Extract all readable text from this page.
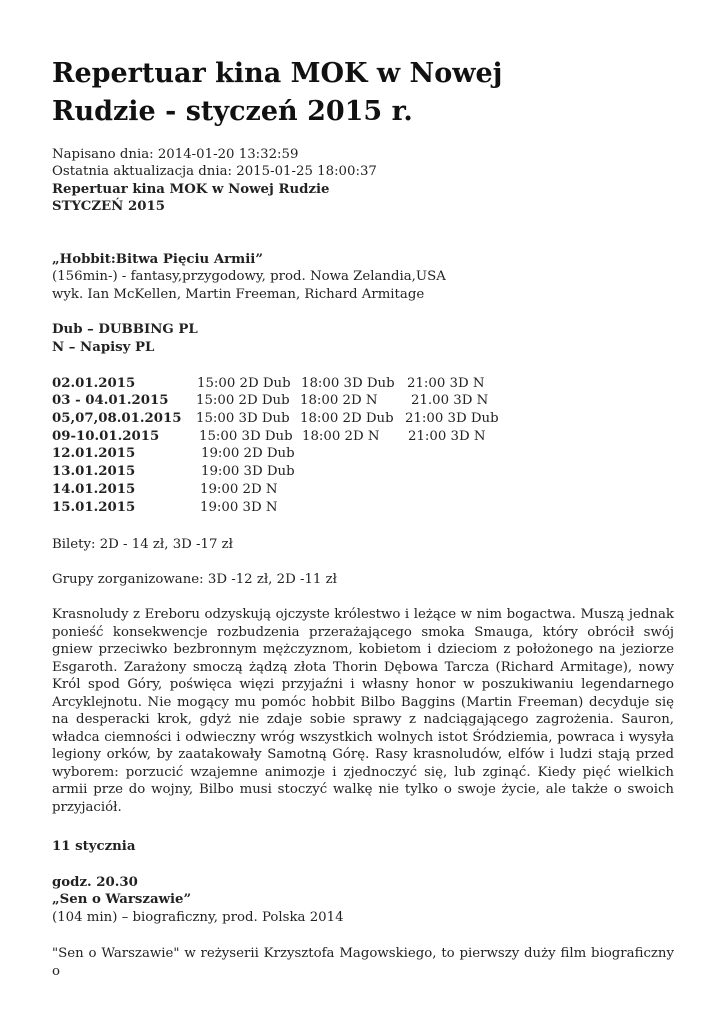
Repertuar kina MOK w Nowej Rudzie - styczeń 2015 r.
Napisano dnia: 2014-01-20 13:32:59
Ostatnia aktualizacja dnia: 2015-01-25 18:00:37
Repertuar kina MOK w Nowej Rudzie
STYCZEŃ 2015
„Hobbit:Bitwa Pięciu Armii”
(156min-) - fantasy,przygodowy, prod. Nowa Zelandia,USA
wyk. Ian McKellen, Martin Freeman, Richard Armitage
Dub – DUBBING PL
N – Napisy PL
02.01.2015	15:00 2D Dub 18:00 3D Dub 21:00 3D N
03 - 04.01.2015 15:00 2D Dub 18:00 2D N	21.00 3D N
05,07,08.01.2015 15:00 3D Dub 18:00 2D Dub 21:00 3D Dub
09-10.01.2015	15:00 3D Dub 18:00 2D N 21:00 3D N
12.01.2015	19:00 2D Dub
13.01.2015	19:00 3D Dub
14.01.2015	19:00 2D N
15.01.2015	19:00 3D N
Bilety: 2D - 14 zł, 3D -17 zł
Grupy zorganizowane: 3D -12 zł, 2D -11 zł
Krasnoludy z Ereboru odzyskują ojczyste królestwo i leżące w nim bogactwa. Muszą jednak ponieść konsekwencje rozbudzenia przerażającego smoka Smauga, który obrócił swój gniew przeciwko bezbronnym mężczyznom, kobietom i dzieciom z położonego na jeziorze Esgaroth. Zarażony smoczą żądzą złota Thorin Dębowa Tarcza (Richard Armitage), nowy Król spod Góry, poświęca więzi przyjaźni i własny honor w poszukiwaniu legendarnego Arcyklejnotu. Nie mogący mu pomóc hobbit Bilbo Baggins (Martin Freeman) decyduje się na desperacki krok, gdyż nie zdaje sobie sprawy z nadciągającego zagrożenia. Sauron, władca ciemności i odwieczny wróg wszystkich wolnych istot Śródziemia, powraca i wysyła legiony orków, by zaatakowały Samotną Górę. Rasy krasnoludów, elfów i ludzi stają przed wyborem: porzucić wzajemne animozje i zjednoczyć się, lub zginąć. Kiedy pięć wielkich armii prze do wojny, Bilbo musi stoczyć walkę nie tylko o swoje życie, ale także o swoich przyjaciół.
11 stycznia
godz. 20.30
„Sen o Warszawie”
(104 min) – biograficzny, prod. Polska 2014
"Sen o Warszawie" w reżyserii Krzysztofa Magowskiego, to pierwszy duży film biograficzny o
